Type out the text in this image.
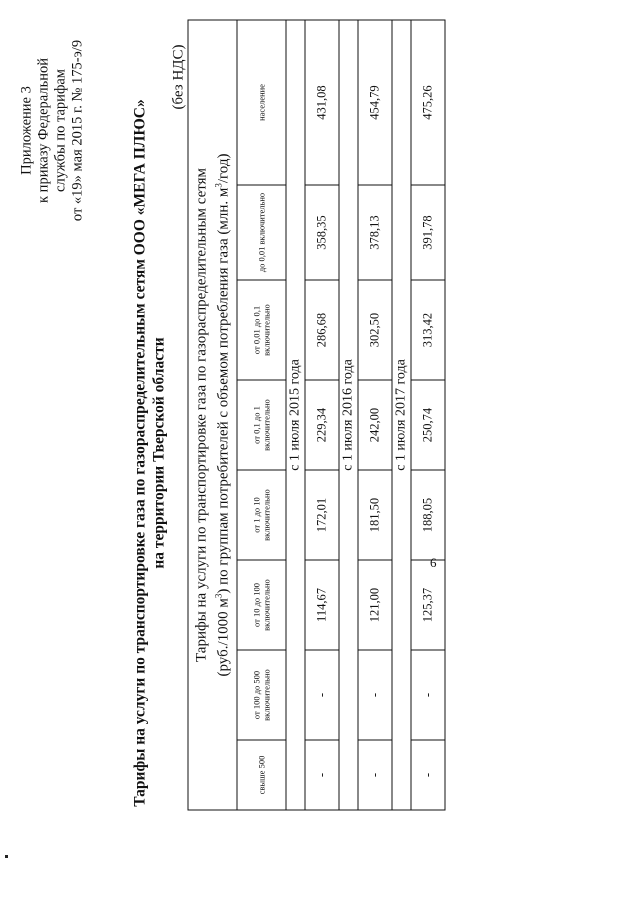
Приложение 3 к приказу Федеральной службы по тарифам от «19» мая 2015 г. № 175-э/9	Тарифы на услуги по транспортировке газа по газораспределительным сетям ООО «МЕГА ПЛЮС» на территории Тверской области
(без НДС)
Тарифы на услуги по транспортировке газа по газораспределительным сетям (руб./1000 $м^3$) по группам потребителей с объемом потребления газа (млн. $м^3/год$)							

свыше 500	от 100 до 500 включительно	от 10 до 100 включительно	от 1 до 10 включительно	от 0,1 до 1 включительно	от 0,01 до 0,1 включительно	до 0,01 включительно	население
с 1 июля 2015 года							
-	-	114,67	172,01	229,34	286,68	358,35	431,08
с 1 июля 2016 года							
-	-	121,00	181,50	242,00	302,50	378,13	454,79
с 1 июля 2017 года							
-	-	125,37	188,05	250,74	313,42	391,78	475,26
6
